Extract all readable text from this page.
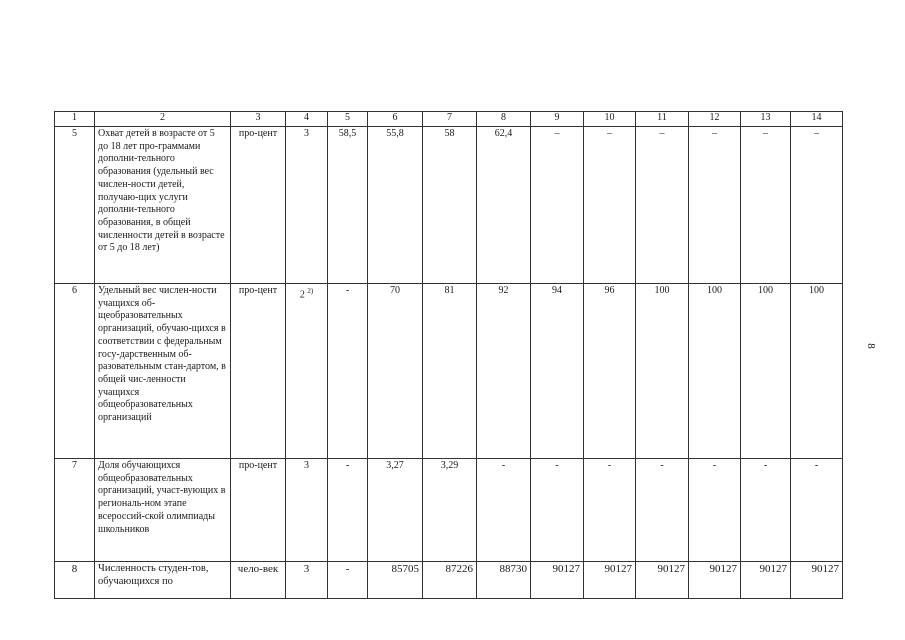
8
1	2	3	4	5	6	7	8	9	10	11	12	13	14
5	Охват детей в возрасте от 5 до 18 лет про-граммами дополни-тельного образования (удельный вес числен-ности детей, получаю-щих услуги дополни-тельного образования, в общей численности детей в возрасте от 5 до 18 лет)	про-цент	3	58,5	55,8	58	62,4	–	–	–	–	–	–
6	Удельный вес числен-ности учащихся об-щеобразовательных организаций, обучаю-щихся в соответствии с федеральным госу-дарственным об-разовательным стан-дартом, в общей чис-ленности учащихся общеобразовательных организаций	про-цент	2 $^{2)}$	-	70	81	92	94	96	100	100	100	100
7	Доля обучающихся общеобразовательных организаций, участ-вующих в региональ-ном этапе всероссий-ской олимпиады школьников	про-цент	3	-	3,27	3,29	-	-	-	-	-	-	-
8	Численность студен-тов, обучающихся по	чело-век	3	-	85705	87226	88730	90127	90127	90127	90127	90127	90127
